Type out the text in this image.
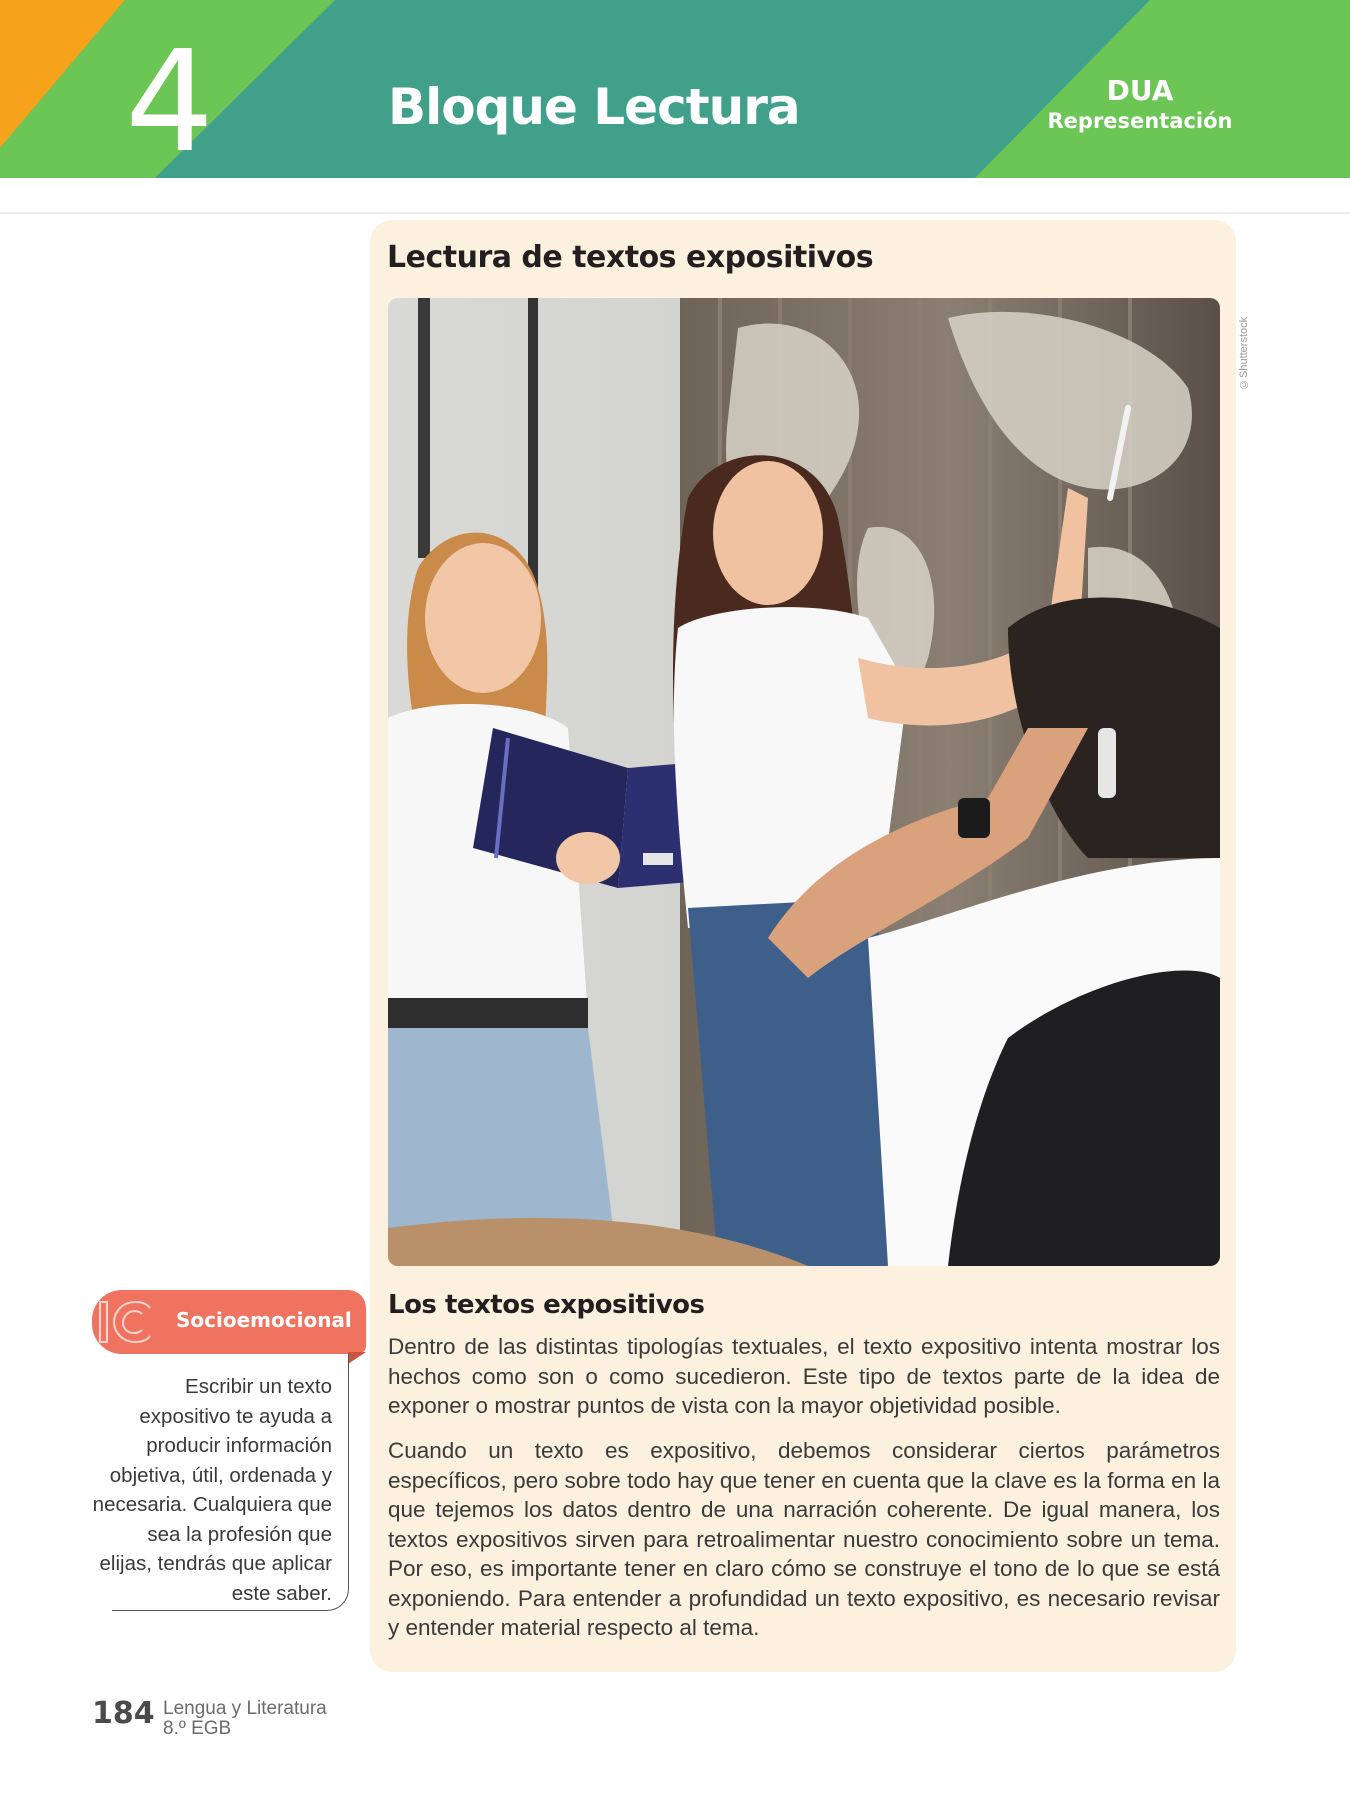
4	Bloque Lectura	DUA
Representación
Lectura de textos expositivos
Los textos expositivos

Dentro de las distintas tipologías textuales, el texto expositivo intenta mostrar los hechos como son o como sucedieron. Este tipo de textos parte de la idea de exponer o mostrar puntos de vista con la mayor objetividad posible.

Cuando un texto es expositivo, debemos considerar ciertos parámetros específicos, pero sobre todo hay que tener en cuenta que la clave es la forma en la que tejemos los datos dentro de una narración coherente. De igual manera, los textos expositivos sirven para retroalimentar nuestro conocimiento sobre un tema. Por eso, es importante tener en claro cómo se construye el tono de lo que se está exponiendo. Para entender a profundidad un texto expositivo, es necesario revisar y entender material respecto al tema.

©Shutterstock
Socioemocional

Escribir un texto expositivo te ayuda a producir información objetiva, útil, ordenada y necesaria. Cualquiera que sea la profesión que elijas, tendrás que aplicar este saber.

184 Lengua y Literatura
8.º EGB
